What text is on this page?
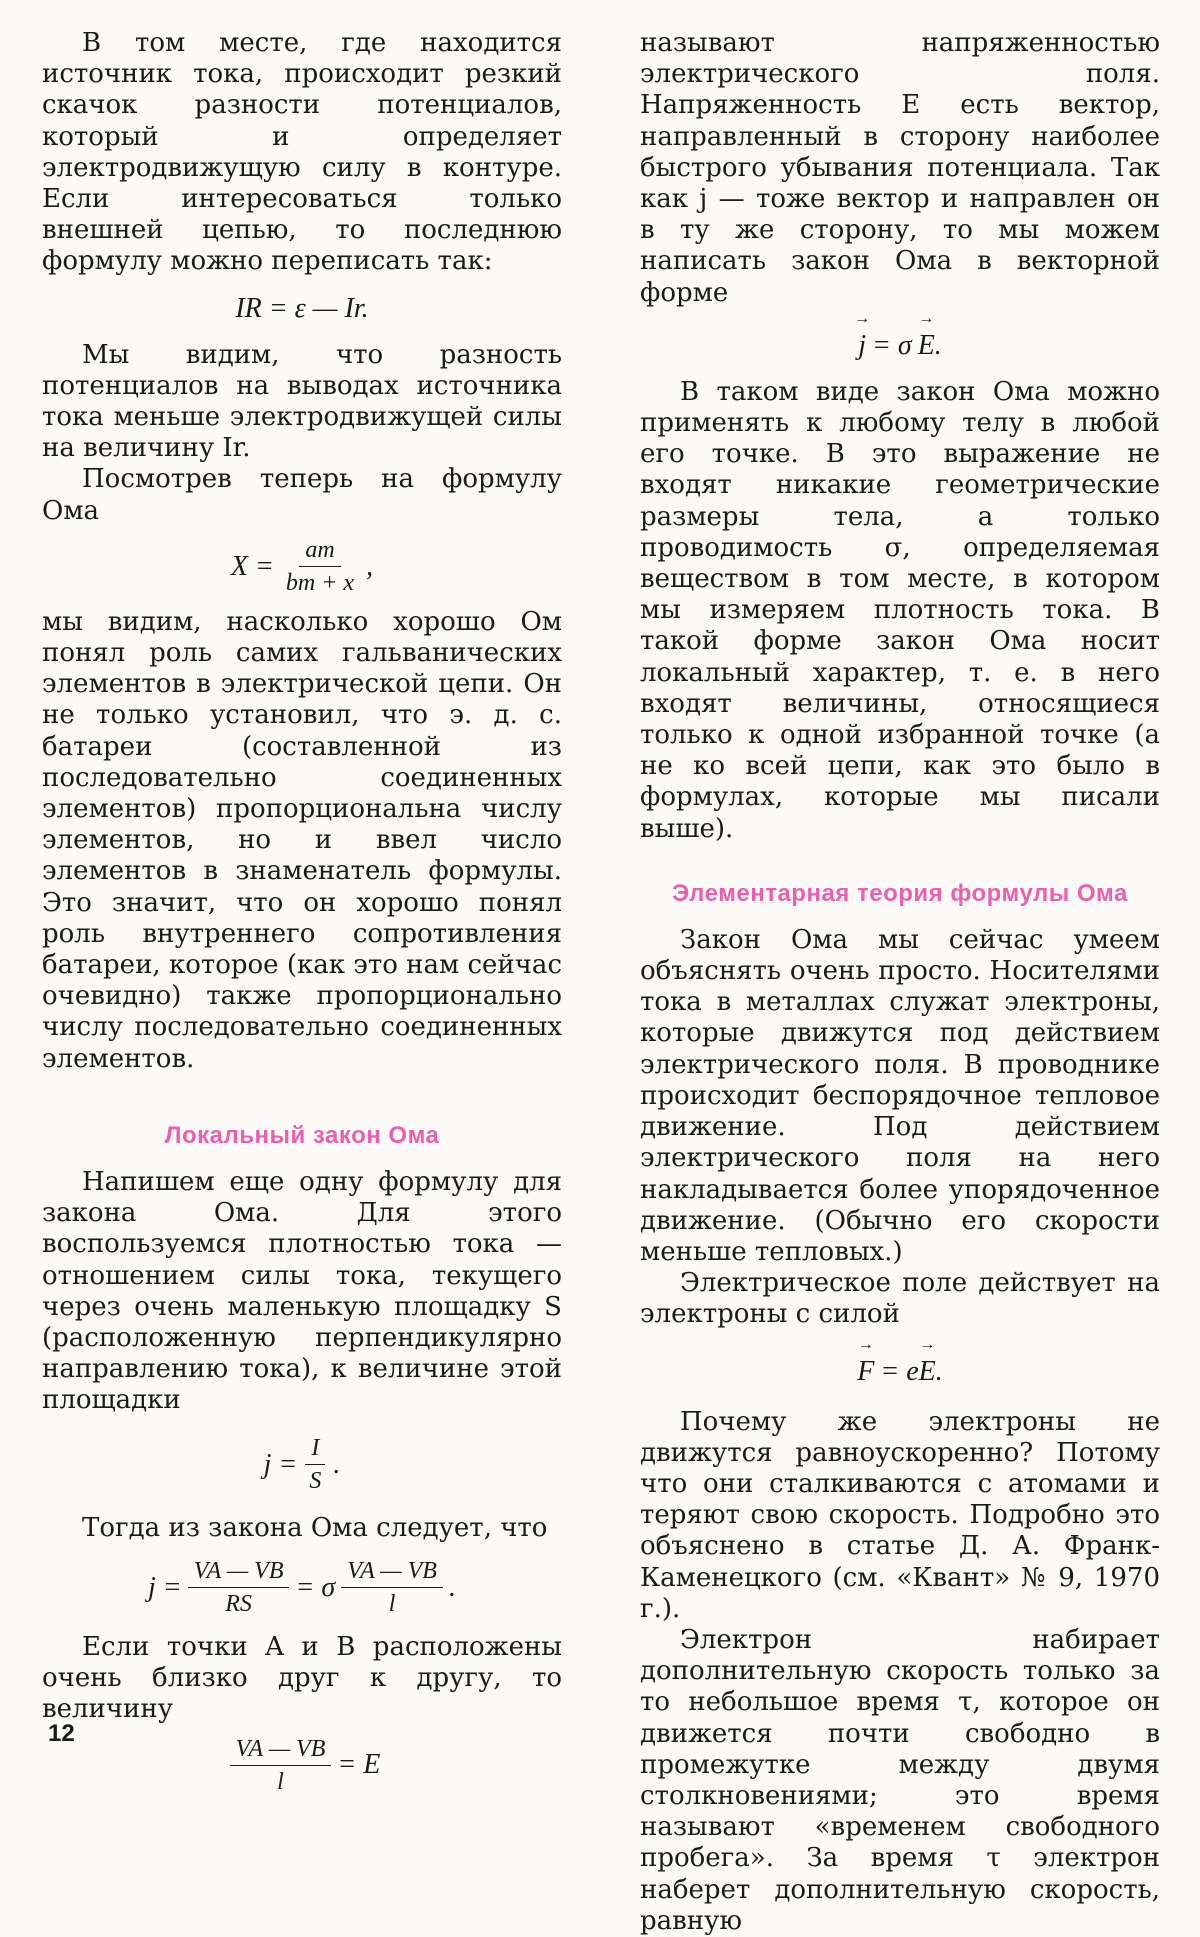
В том месте, где находится источник тока, происходит резкий скачок разности потенциалов, который и определяет электродвижущую силу в контуре. Если интересоваться только внешней цепью, то последнюю формулу можно переписать так:

IR = ε — Ir.

Мы видим, что разность потенциалов на выводах источника тока меньше электродвижущей силы на величину Ir.

Посмотрев теперь на формулу Ома

$X = \frac{am}{bm + x}$ ,

мы видим, насколько хорошо Ом понял роль самих гальванических элементов в электрической цепи. Он не только установил, что э. д. с. батареи (составленной из последовательно соединенных элементов) пропорциональна числу элементов, но и ввел число элементов в знаменатель формулы. Это значит, что он хорошо понял роль внутреннего сопротивления батареи, которое (как это нам сейчас очевидно) также пропорционально числу последовательно соединенных элементов.

Локальный закон Ома

Напишем еще одну формулу для закона Ома. Для этого воспользуемся плотностью тока — отношением силы тока, текущего через очень маленькую площадку S (расположенную перпендикулярно направлению тока), к величине этой площадки

$j = \frac{I}{S}$ .

Тогда из закона Ома следует, что

$j = \frac{VA — VB}{RS} = \sigma \frac{VA — VB}{l}$ .

Если точки A и B расположены очень близко друг к другу, то величину

$\frac{VA — VB}{l} = E$

называют напряженностью электрического поля. Напряженность E есть вектор, направленный в сторону наиболее быстрого убывания потенциала. Так как j — тоже вектор и направлен он в ту же сторону, то мы можем написать закон Ома в векторной форме

→ j = σ → E .

В таком виде закон Ома можно применять к любому телу в любой его точке. В это выражение не входят никакие геометрические размеры тела, а только проводимость σ, определяемая веществом в том месте, в котором мы измеряем плотность тока. В такой форме закон Ома носит локальный характер, т. е. в него входят величины, относящиеся только к одной избранной точке (а не ко всей цепи, как это было в формулах, которые мы писали выше).

Элементарная теория формулы Ома

Закон Ома мы сейчас умеем объяснять очень просто. Носителями тока в металлах служат электроны, которые движутся под действием электрического поля. В проводнике происходит беспорядочное тепловое движение. Под действием электрического поля на него накладывается более упорядоченное движение. (Обычно его скорости меньше тепловых.)

Электрическое поле действует на электроны с силой

→ F = e → E .

Почему же электроны не движутся равноускоренно? Потому что они сталкиваются с атомами и теряют свою скорость. Подробно это объяснено в статье Д. А. Франк-Каменецкого (см. «Квант» № 9, 1970 г.).

Электрон набирает дополнительную скорость только за то небольшое время τ, которое он движется почти свободно в промежутке между двумя столкновениями; это время называют «временем свободного пробега». За время τ электрон наберет дополнительную скорость, равную

12
